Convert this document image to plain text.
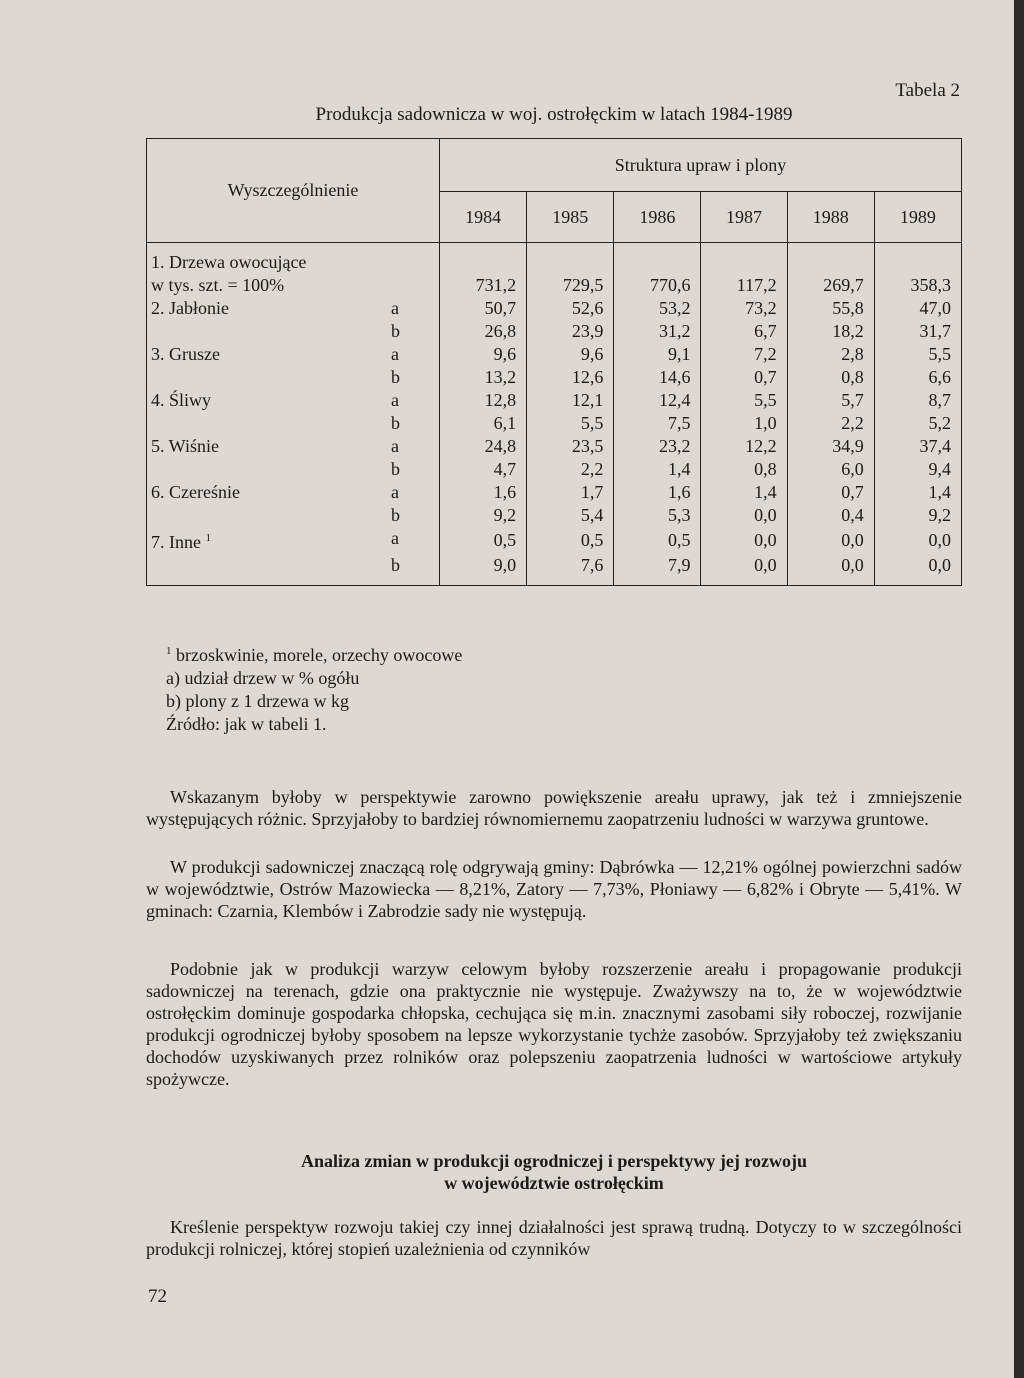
Tabela 2
Produkcja sadownicza w woj. ostrołęckim w latach 1984-1989
Wyszczególnienie	Struktura upraw i plony					
	1984	1985	1986	1987	1988	1989
1. Drzewa owocujące

w tys. szt. = 100%	731,2	729,5	770,6	117,2	269,7	358,3
2. Jabłonie a	50,7	52,6	53,2	73,2	55,8	47,0

b	26,8	23,9	31,2	6,7	18,2	31,7
3. Grusze a	9,6	9,6	9,1	7,2	2,8	5,5

b	13,2	12,6	14,6	0,7	0,8	6,6
4. Śliwy a	12,8	12,1	12,4	5,5	5,7	8,7

b	6,1	5,5	7,5	1,0	2,2	5,2
5. Wiśnie a	24,8	23,5	23,2	12,2	34,9	37,4

b	4,7	2,2	1,4	0,8	6,0	9,4
6. Czereśnie a	1,6	1,7	1,6	1,4	0,7	1,4

b	9,2	5,4	5,3	0,0	0,4	9,2
7. Inne $^1$ a	0,5	0,5	0,5	0,0	0,0	0,0

b	9,0	7,6	7,9	0,0	0,0	0,0
$^1$ brzoskwinie, morele, orzechy owocowe
a) udział drzew w % ogółu
b) plony z 1 drzewa w kg
Źródło: jak w tabeli 1.
Wskazanym byłoby w perspektywie zarowno powiększenie areału uprawy, jak też i zmniejszenie występujących różnic. Sprzyjałoby to bardziej równomiernemu zaopatrzeniu ludności w warzywa gruntowe.
W produkcji sadowniczej znaczącą rolę odgrywają gminy: Dąbrówka — 12,21% ogólnej powierzchni sadów w województwie, Ostrów Mazowiecka — 8,21%, Zatory — 7,73%, Płoniawy — 6,82% i Obryte — 5,41%. W gminach: Czarnia, Klembów i Zabrodzie sady nie występują.
Podobnie jak w produkcji warzyw celowym byłoby rozszerzenie areału i propagowanie produkcji sadowniczej na terenach, gdzie ona praktycznie nie występuje. Zważywszy na to, że w województwie ostrołęckim dominuje gospodarka chłopska, cechująca się m.in. znacznymi zasobami siły roboczej, rozwijanie produkcji ogrodniczej byłoby sposobem na lepsze wykorzystanie tychże zasobów. Sprzyjałoby też zwiększaniu dochodów uzyskiwanych przez rolników oraz polepszeniu zaopatrzenia ludności w wartościowe artykuły spożywcze.
Analiza zmian w produkcji ogrodniczej i perspektywy jej rozwoju
w województwie ostrołęckim
Kreślenie perspektyw rozwoju takiej czy innej działalności jest sprawą trudną. Dotyczy to w szczególności produkcji rolniczej, której stopień uzależnienia od czynników
72
